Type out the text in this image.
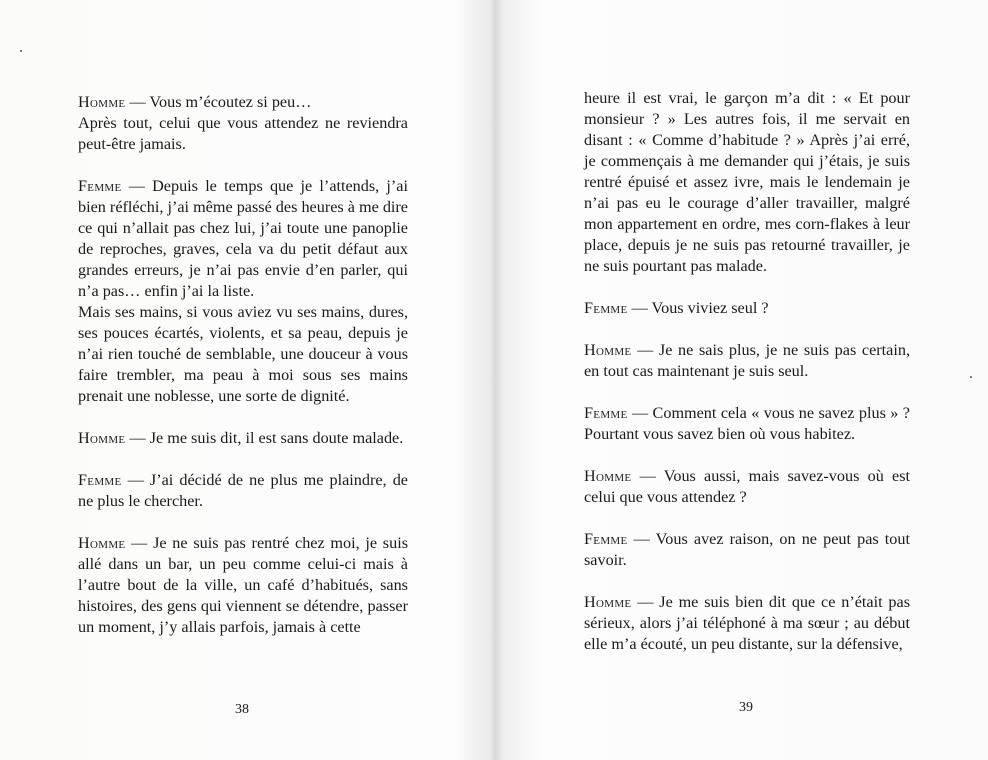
Homme — Vous m’écoutez si peu…
Après tout, celui que vous attendez ne reviendra peut-être jamais.

Femme — Depuis le temps que je l’attends, j’ai bien réfléchi, j’ai même passé des heures à me dire ce qui n’allait pas chez lui, j’ai toute une panoplie de reproches, graves, cela va du petit défaut aux grandes erreurs, je n’ai pas envie d’en parler, qui n’a pas… enfin j’ai la liste.
Mais ses mains, si vous aviez vu ses mains, dures, ses pouces écartés, violents, et sa peau, depuis je n’ai rien touché de semblable, une douceur à vous faire trembler, ma peau à moi sous ses mains prenait une noblesse, une sorte de dignité.

Homme — Je me suis dit, il est sans doute malade.

Femme — J’ai décidé de ne plus me plaindre, de ne plus le chercher.

Homme — Je ne suis pas rentré chez moi, je suis allé dans un bar, un peu comme celui-ci mais à l’autre bout de la ville, un café d’habitués, sans histoires, des gens qui viennent se détendre, passer un moment, j’y allais parfois, jamais à cette

38

heure il est vrai, le garçon m’a dit : « Et pour monsieur ? » Les autres fois, il me servait en disant : « Comme d’habitude ? » Après j’ai erré, je commençais à me demander qui j’étais, je suis rentré épuisé et assez ivre, mais le lendemain je n’ai pas eu le courage d’aller travailler, malgré mon appartement en ordre, mes corn-flakes à leur place, depuis je ne suis pas retourné travailler, je ne suis pourtant pas malade.

Femme — Vous viviez seul ?

Homme — Je ne sais plus, je ne suis pas certain, en tout cas maintenant je suis seul.

Femme — Comment cela « vous ne savez plus » ? Pourtant vous savez bien où vous habitez.

Homme — Vous aussi, mais savez-vous où est celui que vous attendez ?

Femme — Vous avez raison, on ne peut pas tout savoir.

Homme — Je me suis bien dit que ce n’était pas sérieux, alors j’ai téléphoné à ma sœur ; au début elle m’a écouté, un peu distante, sur la défensive,

39
